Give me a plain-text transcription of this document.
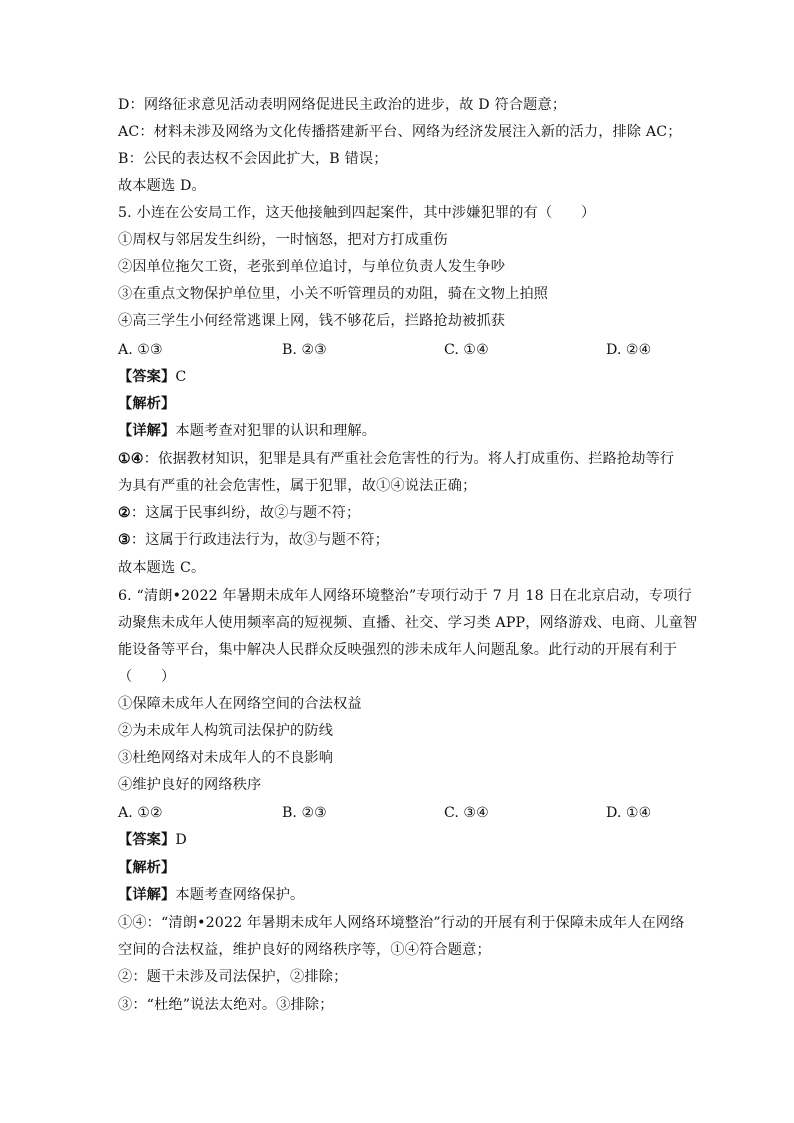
D：网络征求意见活动表明网络促进民主政治的进步，故 D 符合题意；
AC：材料未涉及网络为文化传播搭建新平台、网络为经济发展注入新的活力，排除 AC；
B：公民的表达权不会因此扩大，B 错误；
故本题选 D。
5. 小连在公安局工作，这天他接触到四起案件，其中涉嫌犯罪的有（　　）
①周权与邻居发生纠纷，一时恼怒，把对方打成重伤
②因单位拖欠工资，老张到单位追讨，与单位负责人发生争吵
③在重点文物保护单位里，小关不听管理员的劝阻，骑在文物上拍照
④高三学生小何经常逃课上网，钱不够花后，拦路抢劫被抓获
A. ①③	B. ②③	C. ①④	D. ②④
【答案】C
【解析】
【详解】本题考查对犯罪的认识和理解。
①④：依据教材知识，犯罪是具有严重社会危害性的行为。将人打成重伤、拦路抢劫等行
为具有严重的社会危害性，属于犯罪，故①④说法正确；
②：这属于民事纠纷，故②与题不符；
③：这属于行政违法行为，故③与题不符；
故本题选 C。
6. “清朗•2022 年暑期未成年人网络环境整治”专项行动于 7 月 18 日在北京启动，专项行
动聚焦未成年人使用频率高的短视频、直播、社交、学习类 APP，网络游戏、电商、儿童智
能设备等平台，集中解决人民群众反映强烈的涉未成年人问题乱象。此行动的开展有利于
（　　）
①保障未成年人在网络空间的合法权益
②为未成年人构筑司法保护的防线
③杜绝网络对未成年人的不良影响
④维护良好的网络秩序
A. ①②	B. ②③	C. ③④	D. ①④
【答案】D
【解析】
【详解】本题考查网络保护。
①④：“清朗•2022 年暑期未成年人网络环境整治”行动的开展有利于保障未成年人在网络
空间的合法权益，维护良好的网络秩序等，①④符合题意；
②：题干未涉及司法保护，②排除；
③：“杜绝”说法太绝对。③排除；
